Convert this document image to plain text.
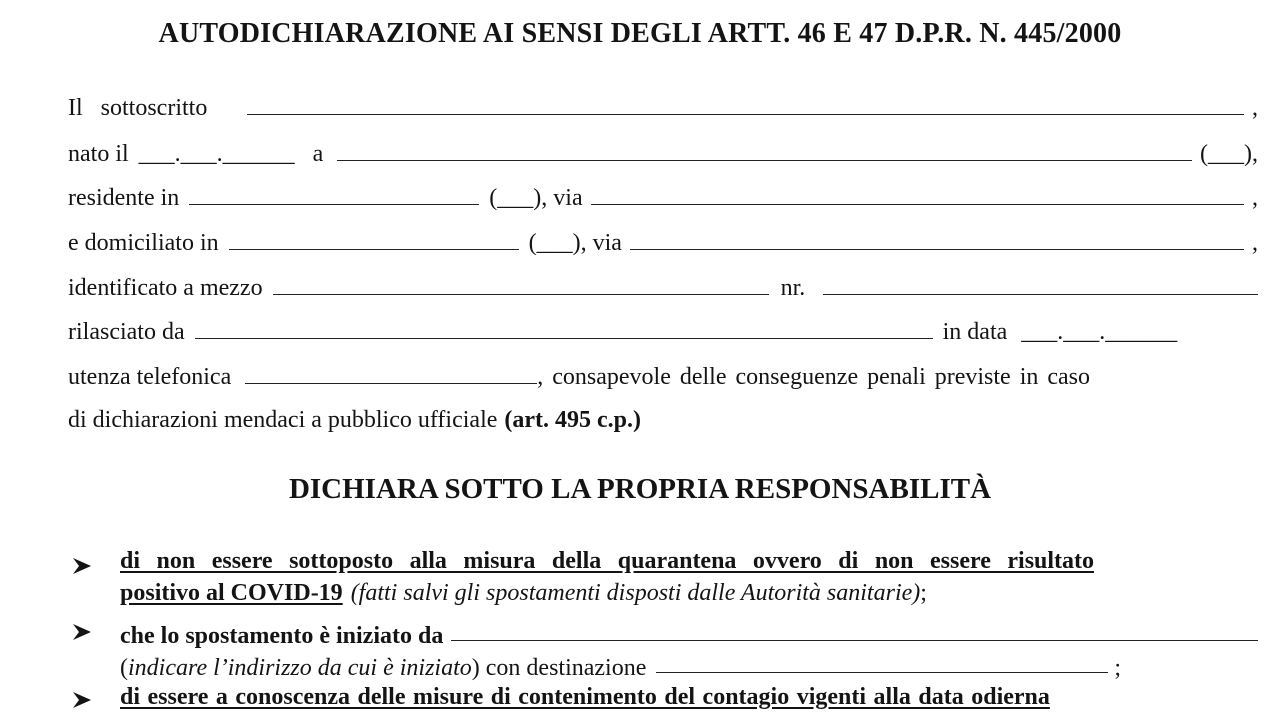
AUTODICHIARAZIONE AI SENSI DEGLI ARTT. 46 E 47 D.P.R. N. 445/2000
Il sottoscritto	,
nato il ___.___.______ a	(___),
residente in	(___), via	,
e domiciliato in	(___), via	,
identificato a mezzo	nr.
rilasciato da	in data ___.___.______
utenza telefonica	, consapevole delle conseguenze penali previste in caso
di dichiarazioni mendaci a pubblico ufficiale (art. 495 c.p.)
DICHIARA SOTTO LA PROPRIA RESPONSABILITÀ
di non essere sottoposto alla misura della quarantena ovvero di non essere risultato
positivo al COVID-19 (fatti salvi gli spostamenti disposti dalle Autorità sanitarie) ;
che lo spostamento è iniziato da
( indicare l’indirizzo da cui è iniziato ) con destinazione	;
di essere a conoscenza delle misure di contenimento del contagio vigenti alla data odierna
